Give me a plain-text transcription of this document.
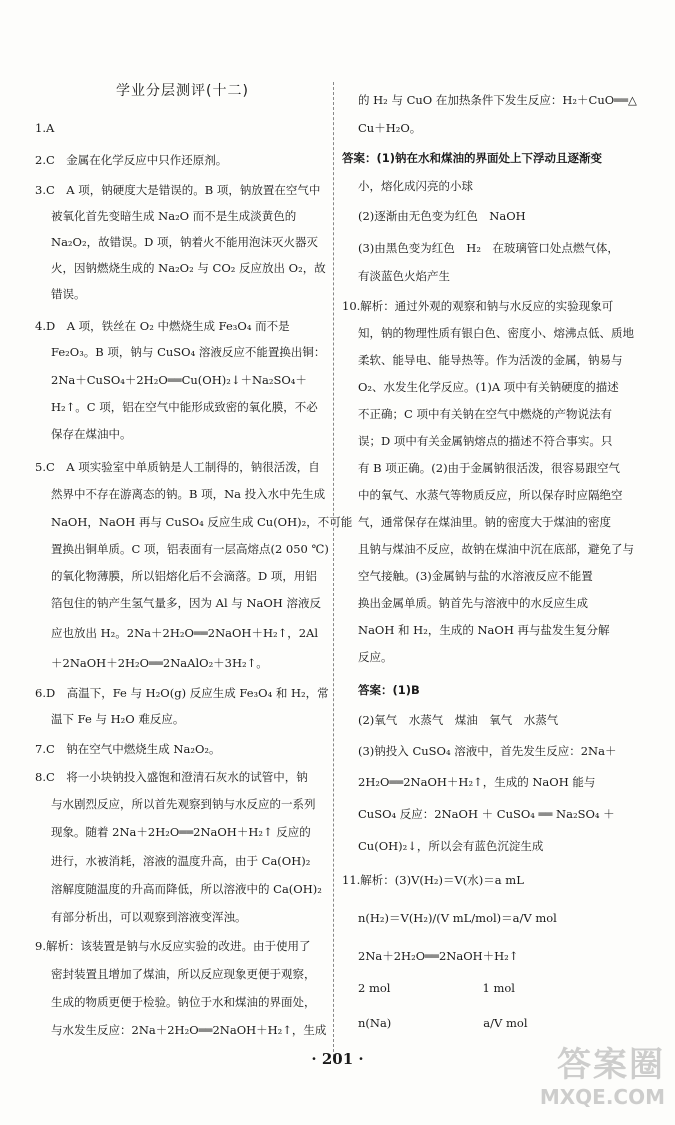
学业分层测评(十二)
1.A
2.C　金属在化学反应中只作还原剂。
3.C　A 项，钠硬度大是错误的。B 项，钠放置在空气中
被氧化首先变暗生成 Na₂O 而不是生成淡黄色的
Na₂O₂，故错误。D 项，钠着火不能用泡沫灭火器灭
火，因钠燃烧生成的 Na₂O₂ 与 CO₂ 反应放出 O₂，故
错误。
4.D　A 项，铁丝在 O₂ 中燃烧生成 Fe₃O₄ 而不是
Fe₂O₃。B 项，钠与 CuSO₄ 溶液反应不能置换出铜：
2Na＋CuSO₄＋2H₂O══Cu(OH)₂↓＋Na₂SO₄＋
H₂↑。C 项，铝在空气中能形成致密的氧化膜，不必
保存在煤油中。
5.C　A 项实验室中单质钠是人工制得的，钠很活泼，自
然界中不存在游离态的钠。B 项，Na 投入水中先生成
NaOH，NaOH 再与 CuSO₄ 反应生成 Cu(OH)₂，不可能
置换出铜单质。C 项，铝表面有一层高熔点(2 050 ℃)
的氧化物薄膜，所以铝熔化后不会滴落。D 项，用铝
箔包住的钠产生氢气量多，因为 Al 与 NaOH 溶液反
应也放出 H₂。2Na＋2H₂O══2NaOH＋H₂↑，2Al
＋2NaOH＋2H₂O══2NaAlO₂＋3H₂↑。
6.D　高温下，Fe 与 H₂O(g) 反应生成 Fe₃O₄ 和 H₂，常
温下 Fe 与 H₂O 难反应。
7.C　钠在空气中燃烧生成 Na₂O₂。
8.C　将一小块钠投入盛饱和澄清石灰水的试管中，钠
与水剧烈反应，所以首先观察到钠与水反应的一系列
现象。随着 2Na＋2H₂O══2NaOH＋H₂↑ 反应的
进行，水被消耗，溶液的温度升高，由于 Ca(OH)₂
溶解度随温度的升高而降低，所以溶液中的 Ca(OH)₂
有部分析出，可以观察到溶液变浑浊。
9.解析：该装置是钠与水反应实验的改进。由于使用了
密封装置且增加了煤油，所以反应现象更便于观察，
生成的物质更便于检验。钠位于水和煤油的界面处，
与水发生反应：2Na＋2H₂O══2NaOH＋H₂↑，生成
的 H₂ 与 CuO 在加热条件下发生反应：H₂＋CuO══△
Cu＋H₂O。
答案：(1)钠在水和煤油的界面处上下浮动且逐渐变
小，熔化成闪亮的小球
(2)逐渐由无色变为红色　NaOH
(3)由黑色变为红色　H₂　在玻璃管口处点燃气体，
有淡蓝色火焰产生
10.解析：通过外观的观察和钠与水反应的实验现象可
知，钠的物理性质有银白色、密度小、熔沸点低、质地
柔软、能导电、能导热等。作为活泼的金属，钠易与
O₂、水发生化学反应。(1)A 项中有关钠硬度的描述
不正确；C 项中有关钠在空气中燃烧的产物说法有
误；D 项中有关金属钠熔点的描述不符合事实。只
有 B 项正确。(2)由于金属钠很活泼，很容易跟空气
中的氧气、水蒸气等物质反应，所以保存时应隔绝空
气，通常保存在煤油里。钠的密度大于煤油的密度
且钠与煤油不反应，故钠在煤油中沉在底部，避免了与
空气接触。(3)金属钠与盐的水溶液反应不能置
换出金属单质。钠首先与溶液中的水反应生成
NaOH 和 H₂，生成的 NaOH 再与盐发生复分解
反应。
答案：(1)B
(2)氧气　水蒸气　煤油　氧气　水蒸气
(3)钠投入 CuSO₄ 溶液中，首先发生反应：2Na＋
2H₂O══2NaOH＋H₂↑，生成的 NaOH 能与
CuSO₄ 反应：2NaOH ＋ CuSO₄ ══ Na₂SO₄ ＋
Cu(OH)₂↓，所以会有蓝色沉淀生成
11.解析：(3)V(H₂)＝V(水)＝a mL
n(H₂)＝V(H₂)/(V mL/mol)＝a/V mol
2Na＋2H₂O══2NaOH＋H₂↑
2 mol　　　　　　　　1 mol
n(Na)　　　　　　　　a/V mol
· 201 ·	答案圈
MXQE.COM
